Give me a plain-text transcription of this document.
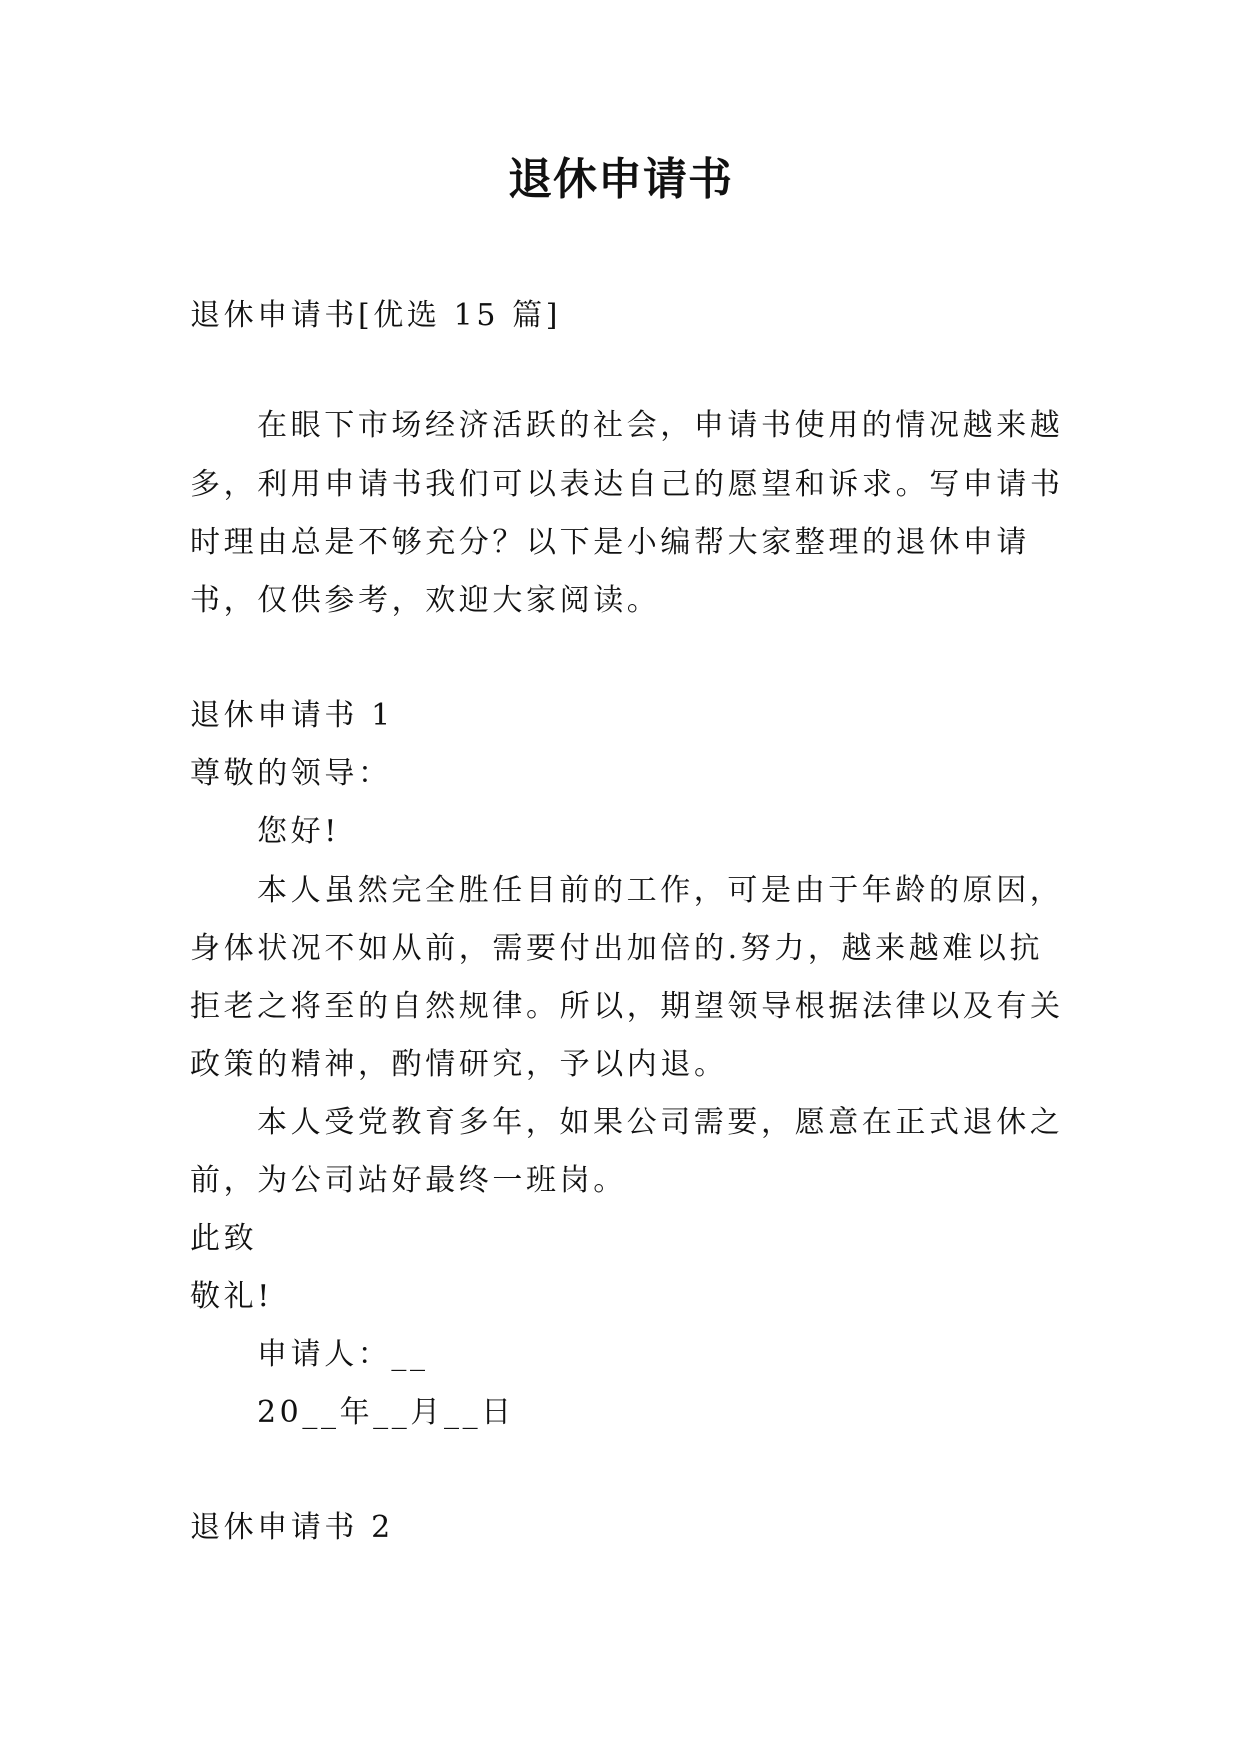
退休申请书

退休申请书[优选 15 篇]

在眼下市场经济活跃的社会，申请书使用的情况越来越

多，利用申请书我们可以表达自己的愿望和诉求。写申请书

时理由总是不够充分？以下是小编帮大家整理的退休申请

书，仅供参考，欢迎大家阅读。

退休申请书 1

尊敬的领导：

您好!

本人虽然完全胜任目前的工作，可是由于年龄的原因，

身体状况不如从前，需要付出加倍的.努力，越来越难以抗

拒老之将至的自然规律。所以，期望领导根据法律以及有关

政策的精神，酌情研究，予以内退。

本人受党教育多年，如果公司需要，愿意在正式退休之

前，为公司站好最终一班岗。

此致

敬礼!

申请人：__

20__年__月__日

退休申请书 2
